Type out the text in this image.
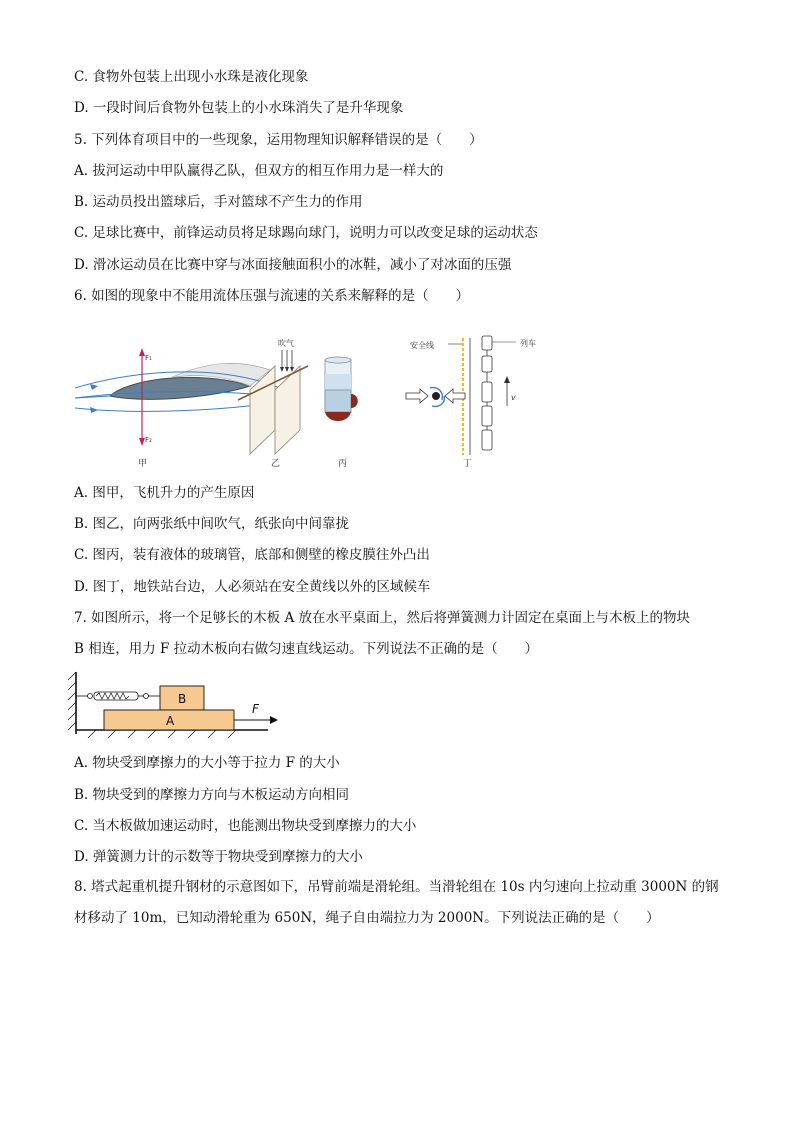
C. 食物外包装上出现小水珠是液化现象
D. 一段时间后食物外包装上的小水珠消失了是升华现象
5. 下列体育项目中的一些现象，运用物理知识解释错误的是（　　）
A. 拔河运动中甲队赢得乙队，但双方的相互作用力是一样大的
B. 运动员投出篮球后，手对篮球不产生力的作用
C. 足球比赛中，前锋运动员将足球踢向球门，说明力可以改变足球的运动状态
D. 滑冰运动员在比赛中穿与冰面接触面积小的冰鞋，减小了对冰面的压强
6. 如图的现象中不能用流体压强与流速的关系来解释的是（　　）
F₁
F₂
甲
吹气
乙	丙
安全线	列车
v
丁
A. 图甲，飞机升力的产生原因
B. 图乙，向两张纸中间吹气，纸张向中间靠拢
C. 图丙，装有液体的玻璃管，底部和侧壁的橡皮膜往外凸出
D. 图丁，地铁站台边，人必须站在安全黄线以外的区域候车
7. 如图所示，将一个足够长的木板 A 放在水平桌面上，然后将弹簧测力计固定在桌面上与木板上的物块
B 相连，用力 F 拉动木板向右做匀速直线运动。下列说法不正确的是（　　）
B
A
F
A. 物块受到摩擦力的大小等于拉力 F 的大小
B. 物块受到的摩擦力方向与木板运动方向相同
C. 当木板做加速运动时，也能测出物块受到摩擦力的大小
D. 弹簧测力计的示数等于物块受到摩擦力的大小
8. 塔式起重机提升钢材的示意图如下，吊臂前端是滑轮组。当滑轮组在 10s 内匀速向上拉动重 3000N 的钢材移动了 10m，已知动滑轮重为 650N，绳子自由端拉力为 2000N。下列说法正确的是（　　）
